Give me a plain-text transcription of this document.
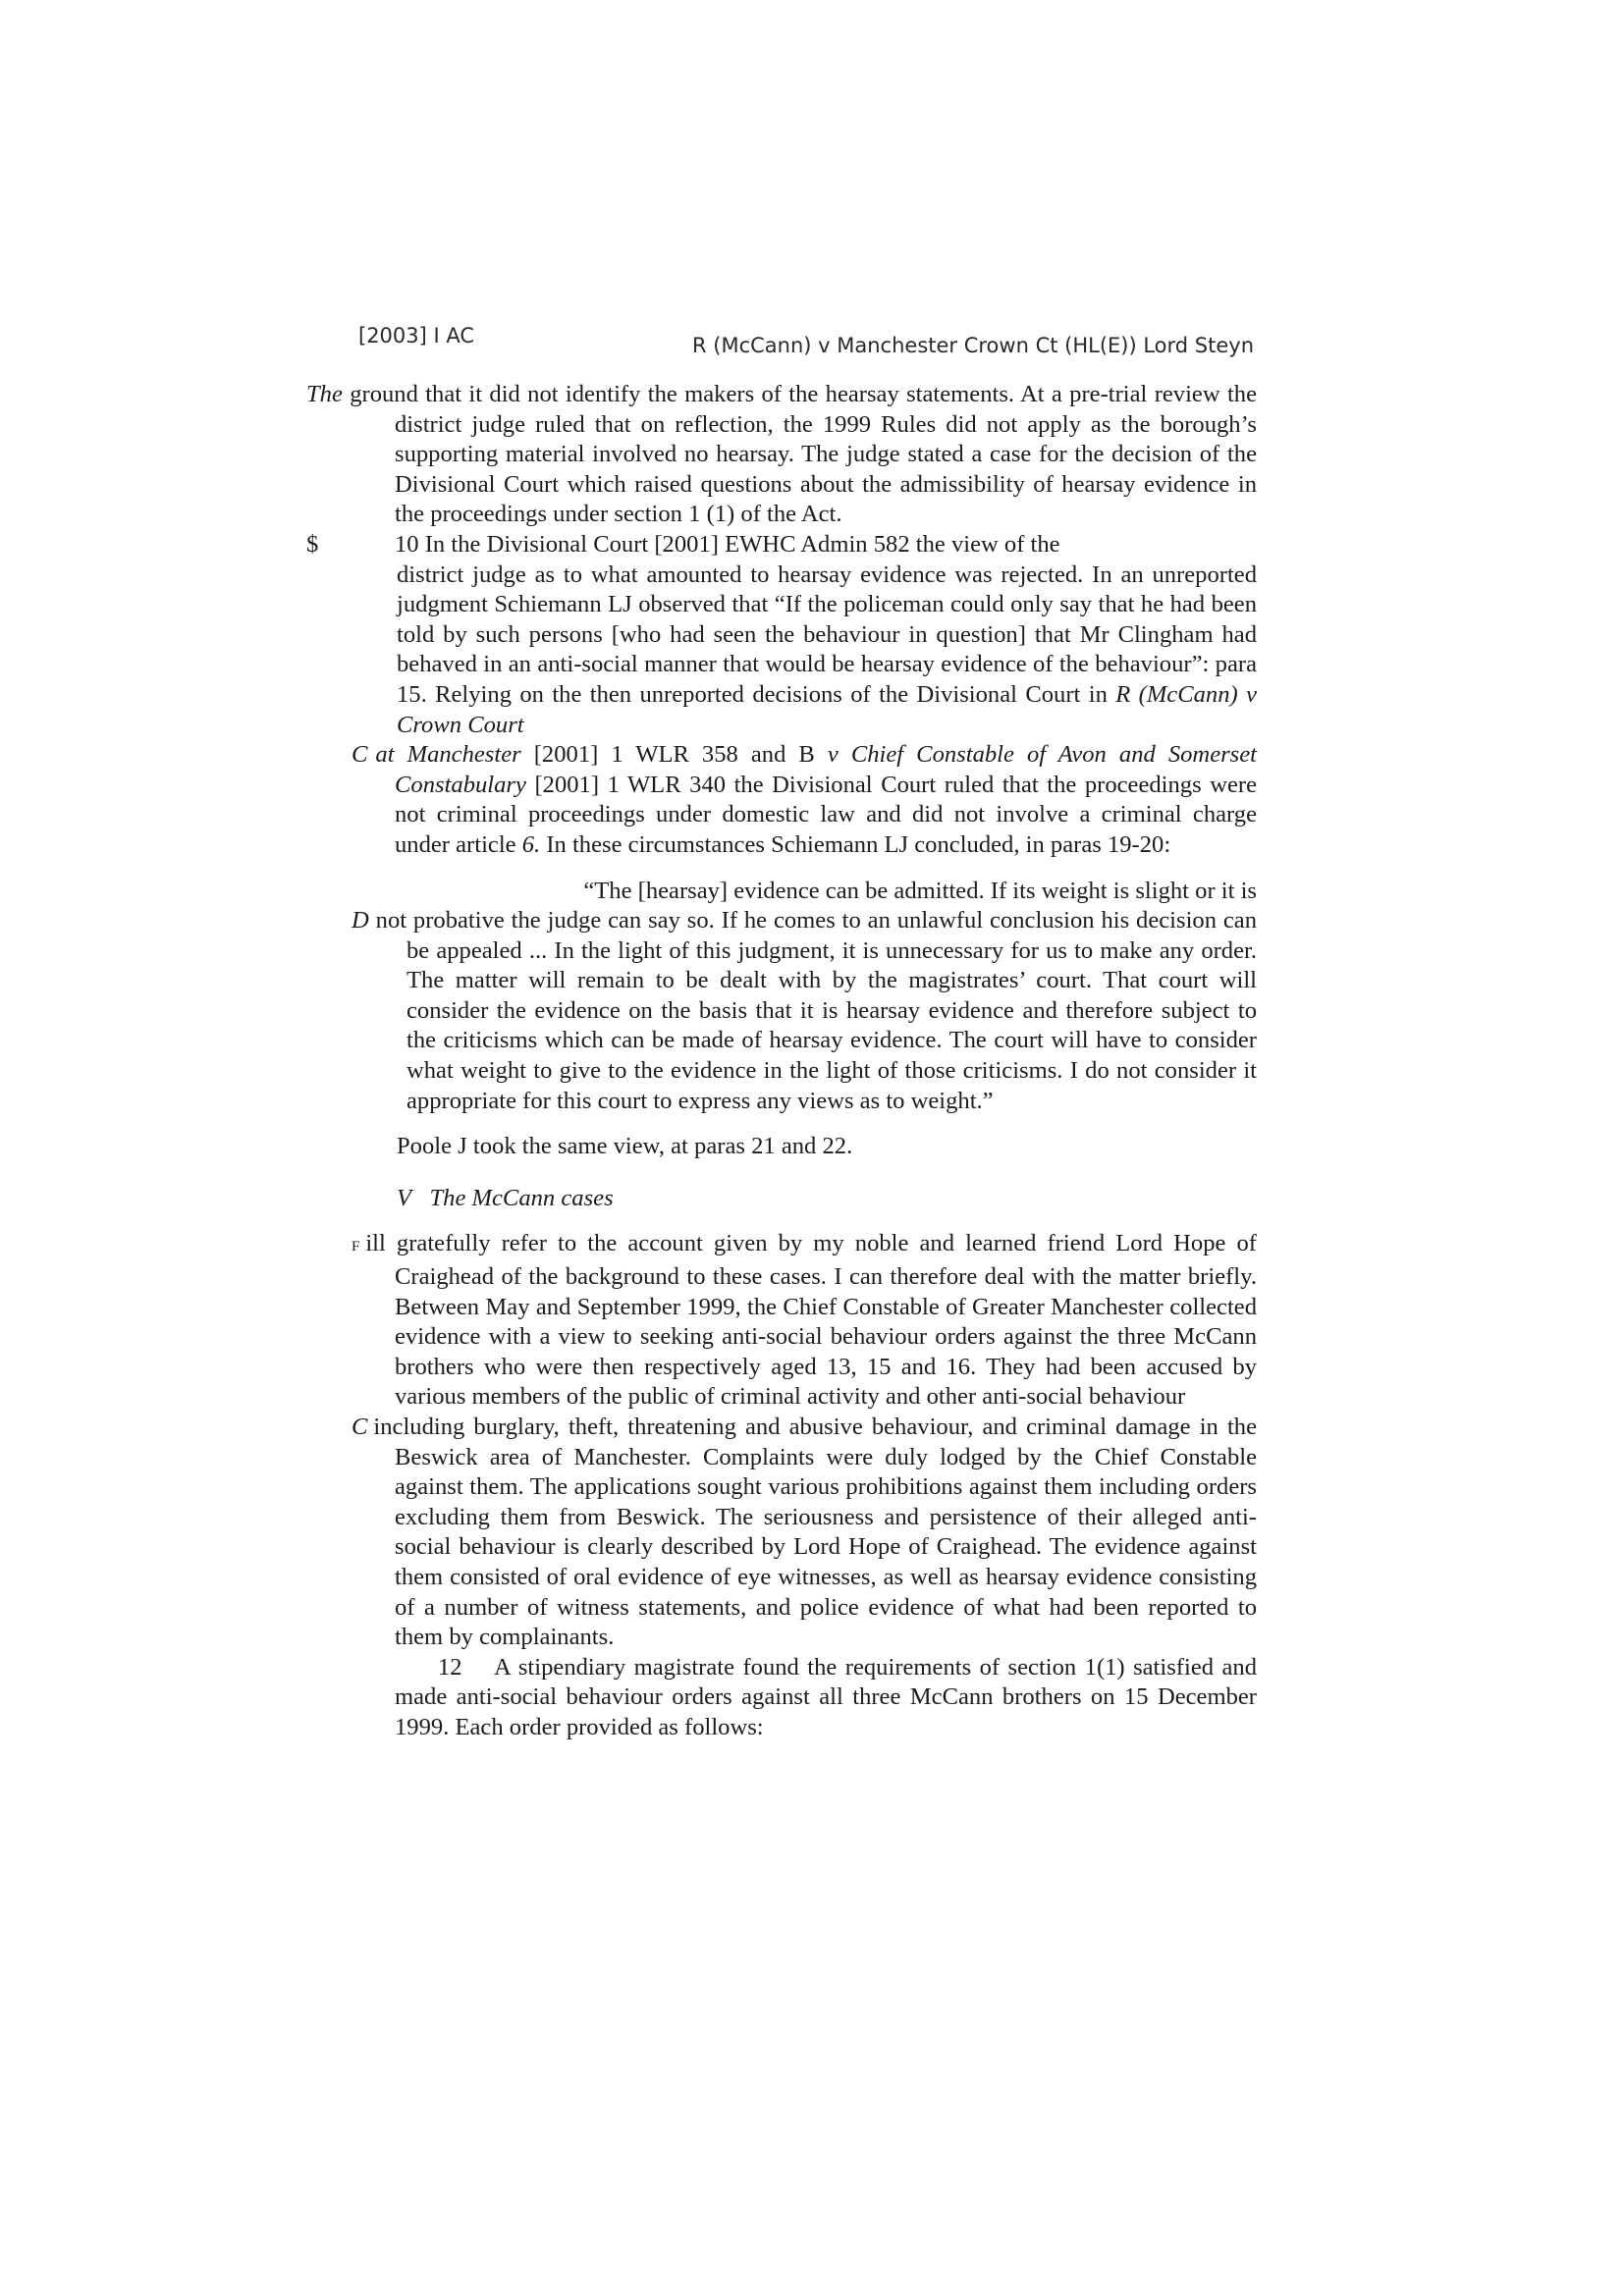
[2003] I AC	R (McCann) v Manchester Crown Ct (HL(E)) Lord Steyn
The ground that it did not identify the makers of the hearsay statements. At a pre-trial review the district judge ruled that on reflection, the 1999 Rules did not apply as the borough’s supporting material involved no hearsay. The judge stated a case for the decision of the Divisional Court which raised questions about the admissibility of hearsay evidence in the proceedings under section 1 (1) of the Act.
$	10 In the Divisional Court [2001] EWHC Admin 582 the view of the
district judge as to what amounted to hearsay evidence was rejected. In an unreported judgment Schiemann LJ observed that “If the policeman could only say that he had been told by such persons [who had seen the behaviour in question] that Mr Clingham had behaved in an anti-social manner that would be hearsay evidence of the behaviour”: para 15. Relying on the then unreported decisions of the Divisional Court in R (McCann) v Crown Court
C at Manchester [2001] 1 WLR 358 and B v Chief Constable of Avon and Somerset Constabulary [2001] 1 WLR 340 the Divisional Court ruled that the proceedings were not criminal proceedings under domestic law and did not involve a criminal charge under article 6. In these circumstances Schiemann LJ concluded, in paras 19-20:
“The [hearsay] evidence can be admitted. If its weight is slight or it is
D not probative the judge can say so. If he comes to an unlawful conclusion his decision can be appealed ... In the light of this judgment, it is unnecessary for us to make any order. The matter will remain to be dealt with by the magistrates’ court. That court will consider the evidence on the basis that it is hearsay evidence and therefore subject to the criticisms which can be made of hearsay evidence. The court will have to consider what weight to give to the evidence in the light of those criticisms. I do not consider it appropriate for this court to express any views as to weight.”
Poole J took the same view, at paras 21 and 22.
V The McCann cases
F ill gratefully refer to the account given by my noble and learned friend Lord Hope of Craighead of the background to these cases. I can therefore deal with the matter briefly. Between May and September 1999, the Chief Constable of Greater Manchester collected evidence with a view to seeking anti-social behaviour orders against the three McCann brothers who were then respectively aged 13, 15 and 16. They had been accused by various members of the public of criminal activity and other anti-social behaviour
C including burglary, theft, threatening and abusive behaviour, and criminal damage in the Beswick area of Manchester. Complaints were duly lodged by the Chief Constable against them. The applications sought various prohibitions against them including orders excluding them from Beswick. The seriousness and persistence of their alleged anti-social behaviour is clearly described by Lord Hope of Craighead. The evidence against them consisted of oral evidence of eye witnesses, as well as hearsay evidence consisting of a number of witness statements, and police evidence of what had been reported to them by complainants.
12    A stipendiary magistrate found the requirements of section 1(1) satisfied and made anti-social behaviour orders against all three McCann brothers on 15 December 1999. Each order provided as follows:
